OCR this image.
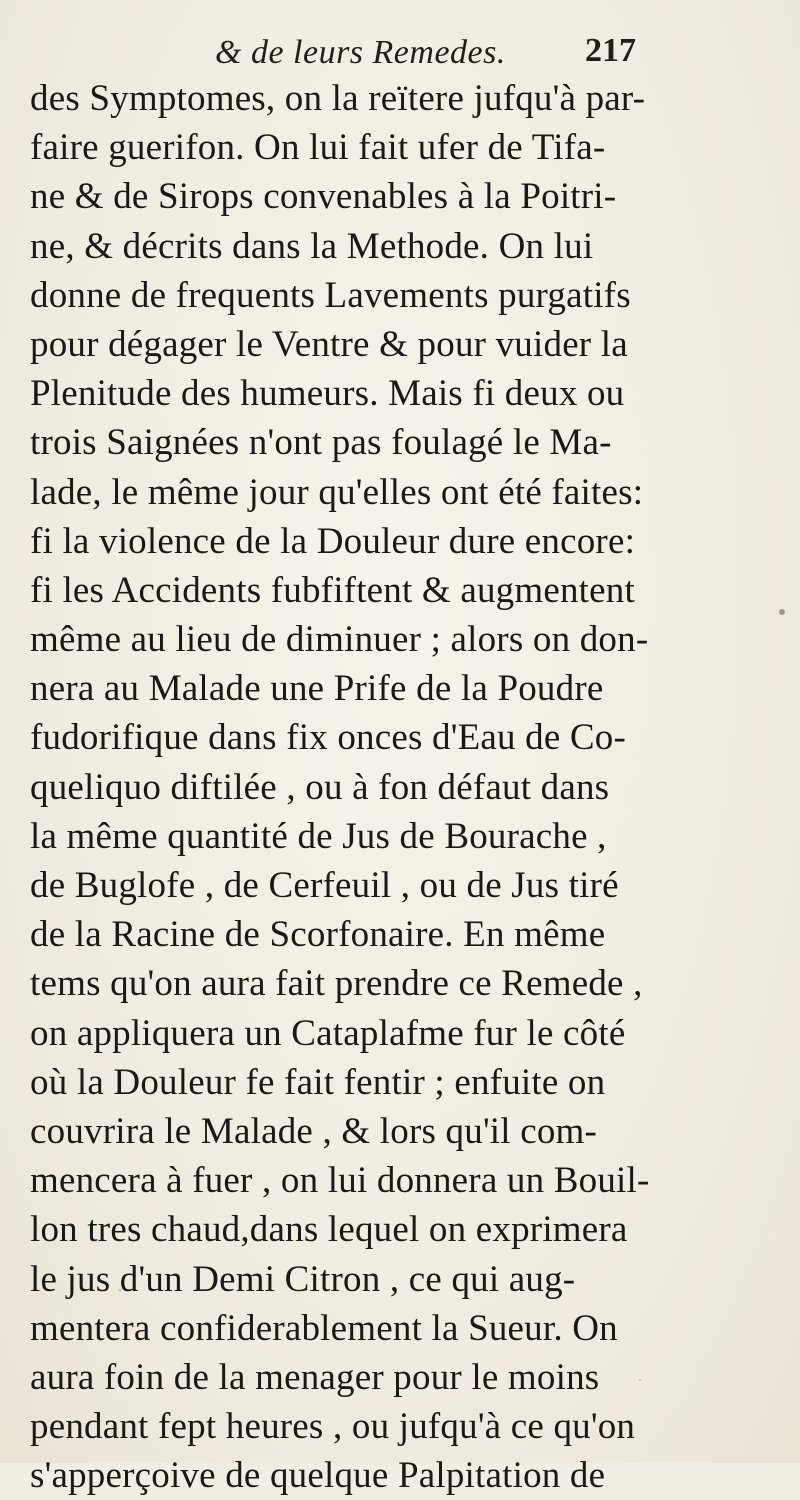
& de leurs Remedes. 217
des Symptomes, on la reïtere jufqu'à par-
faire guerifon. On lui fait ufer de Tifa-
ne & de Sirops convenables à la Poitri-
ne, & décrits dans la Methode. On lui
donne de frequents Lavements purgatifs
pour dégager le Ventre & pour vuider la
Plenitude des humeurs. Mais fi deux ou
trois Saignées n'ont pas foulagé le Ma-
lade, le même jour qu'elles ont été faites:
fi la violence de la Douleur dure encore:
fi les Accidents fubfiftent & augmentent
même au lieu de diminuer ; alors on don-
nera au Malade une Prife de la Poudre
fudorifique dans fix onces d'Eau de Co-
queliquo diftilée , ou à fon défaut dans
la même quantité de Jus de Bourache ,
de Buglofe , de Cerfeuil , ou de Jus tiré
de la Racine de Scorfonaire. En même
tems qu'on aura fait prendre ce Remede ,
on appliquera un Cataplafme fur le côté
où la Douleur fe fait fentir ; enfuite on
couvrira le Malade , & lors qu'il com-
mencera à fuer , on lui donnera un Bouil-
lon tres chaud,dans lequel on exprimera
le jus d'un Demi Citron , ce qui aug-
mentera confiderablement la Sueur. On
aura foin de la menager pour le moins
pendant fept heures , ou jufqu'à ce qu'on
s'apperçoive de quelque Palpitation de
